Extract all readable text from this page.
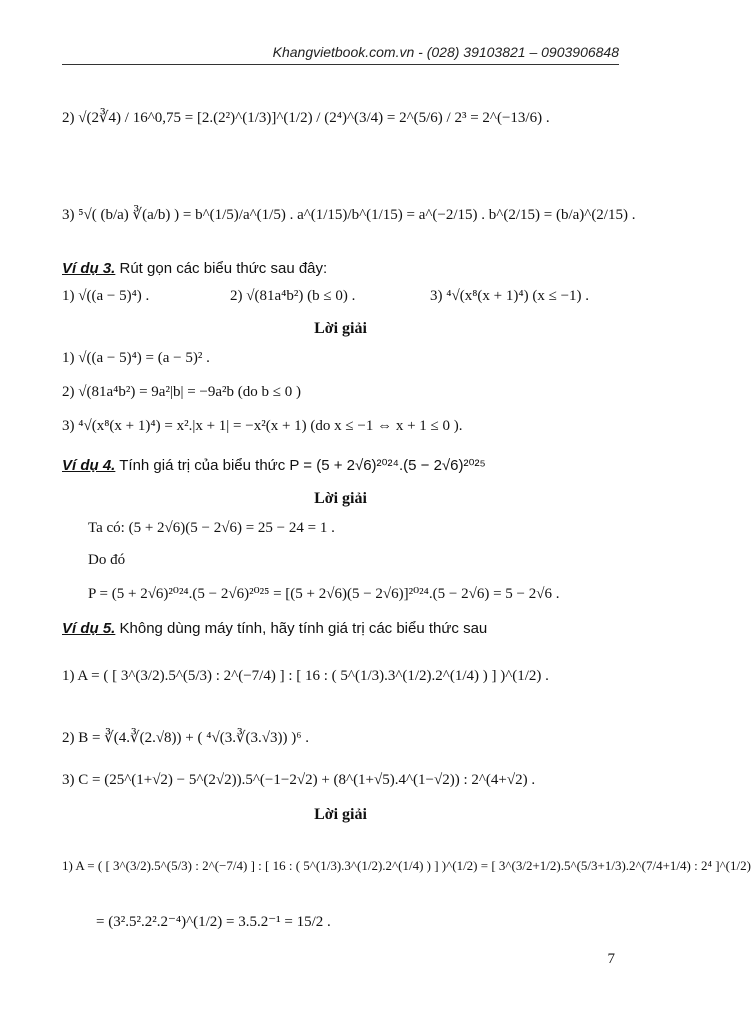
Khangvietbook.com.vn - (028) 39103821 – 0903906848
2) √(2∛4) / 16^0,75 = [2.(2²)^(1/3)]^(1/2) / (2⁴)^(3/4) = 2^(5/6) / 2³ = 2^(−13/6) .
3) ⁵√( (b/a) ∛(a/b) ) = b^(1/5)/a^(1/5) . a^(1/15)/b^(1/15) = a^(−2/15) . b^(2/15) = (b/a)^(2/15) .
Ví dụ 3. Rút gọn các biểu thức sau đây:
1) √((a − 5)⁴) .	2) √(81a⁴b²) (b ≤ 0) .	3) ⁴√(x⁸(x + 1)⁴) (x ≤ −1) .
Lời giải
1) √((a − 5)⁴) = (a − 5)² .
2) √(81a⁴b²) = 9a²|b| = −9a²b (do b ≤ 0 )
3) ⁴√(x⁸(x + 1)⁴) = x².|x + 1| = −x²(x + 1) (do x ≤ −1 ⇔ x + 1 ≤ 0 ).
Ví dụ 4. Tính giá trị của biểu thức P = (5 + 2√6)²⁰²⁴.(5 − 2√6)²⁰²⁵
Lời giải
Ta có: (5 + 2√6)(5 − 2√6) = 25 − 24 = 1 .
Do đó
P = (5 + 2√6)²⁰²⁴.(5 − 2√6)²⁰²⁵ = [(5 + 2√6)(5 − 2√6)]²⁰²⁴.(5 − 2√6) = 5 − 2√6 .
Ví dụ 5. Không dùng máy tính, hãy tính giá trị các biểu thức sau
1) A = ( [ 3^(3/2).5^(5/3) : 2^(−7/4) ] : [ 16 : ( 5^(1/3).3^(1/2).2^(1/4) ) ] )^(1/2) .
2) B = ∛(4.∛(2.√8)) + ( ⁴√(3.∛(3.√3)) )⁶ .
3) C = (25^(1+√2) − 5^(2√2)).5^(−1−2√2) + (8^(1+√5).4^(1−√2)) : 2^(4+√2) .
Lời giải
1) A = ( [ 3^(3/2).5^(5/3) : 2^(−7/4) ] : [ 16 : ( 5^(1/3).3^(1/2).2^(1/4) ) ] )^(1/2) = [ 3^(3/2+1/2).5^(5/3+1/3).2^(7/4+1/4) : 2⁴ ]^(1/2)
= (3².5².2².2⁻⁴)^(1/2) = 3.5.2⁻¹ = 15/2 .
7
